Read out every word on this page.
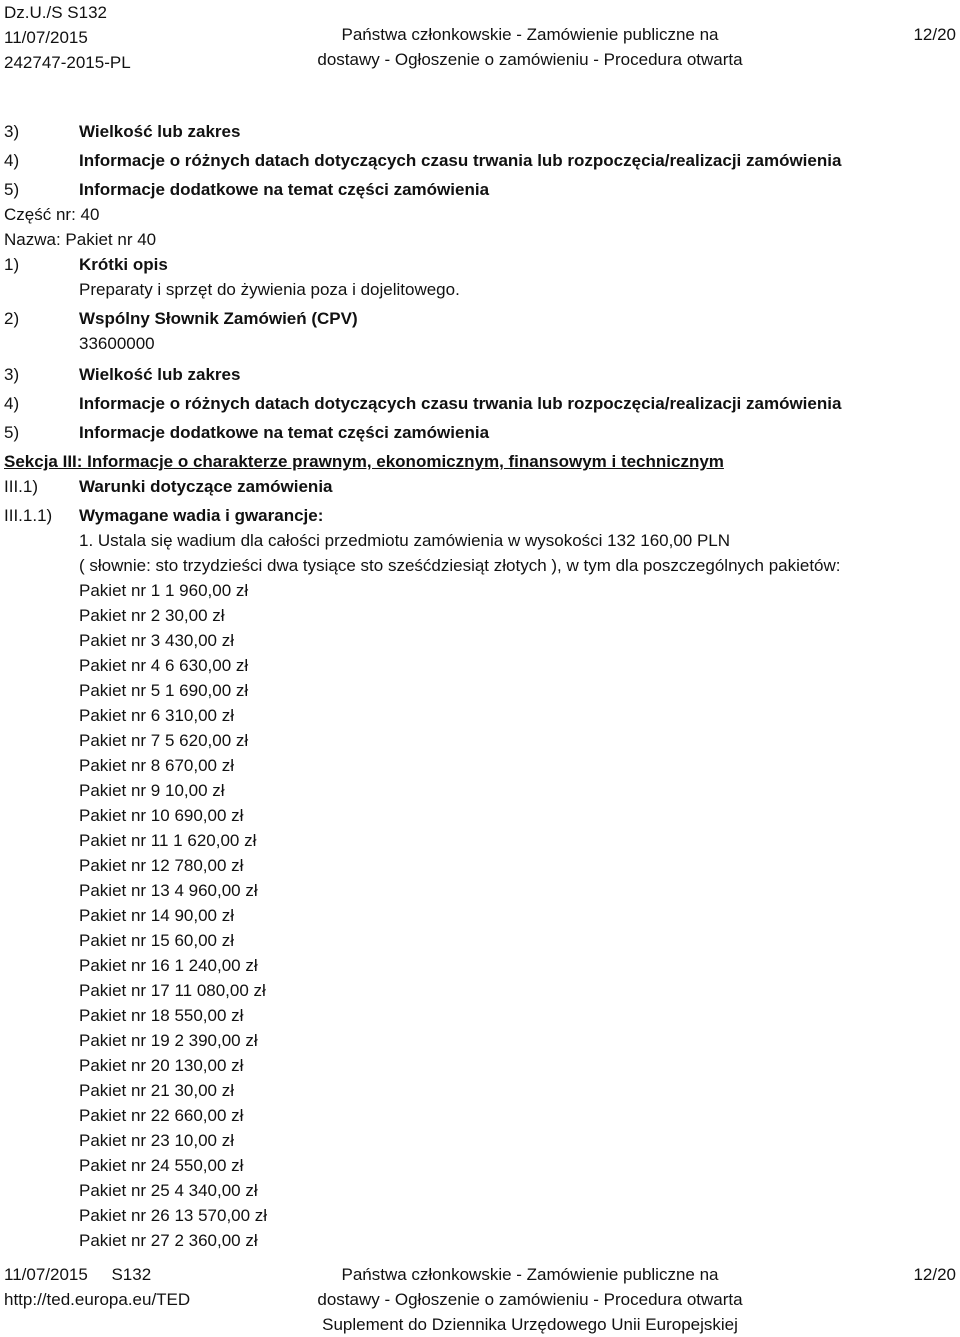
Dz.U./S S132
11/07/2015
242747-2015-PL
Państwa członkowskie - Zamówienie publiczne na
dostawy - Ogłoszenie o zamówieniu - Procedura otwarta
12/20
3)	Wielkość lub zakres
4)	Informacje o różnych datach dotyczących czasu trwania lub rozpoczęcia/realizacji zamówienia
5)	Informacje dodatkowe na temat części zamówienia
Część nr: 40
Nazwa: Pakiet nr 40
1)	Krótki opis
Preparaty i sprzęt do żywienia poza i dojelitowego.
2)	Wspólny Słownik Zamówień (CPV)
33600000
3)	Wielkość lub zakres
4)	Informacje o różnych datach dotyczących czasu trwania lub rozpoczęcia/realizacji zamówienia
5)	Informacje dodatkowe na temat części zamówienia
Sekcja III: Informacje o charakterze prawnym, ekonomicznym, finansowym i technicznym
III.1) Warunki dotyczące zamówienia
III.1.1) Wymagane wadia i gwarancje:
1. Ustala się wadium dla całości przedmiotu zamówienia w wysokości 132 160,00 PLN
( słownie: sto trzydzieści dwa tysiące sto sześćdziesiąt złotych ), w tym dla poszczególnych pakietów:
Pakiet nr 1 1 960,00 zł
Pakiet nr 2 30,00 zł
Pakiet nr 3 430,00 zł
Pakiet nr 4 6 630,00 zł
Pakiet nr 5 1 690,00 zł
Pakiet nr 6 310,00 zł
Pakiet nr 7 5 620,00 zł
Pakiet nr 8 670,00 zł
Pakiet nr 9 10,00 zł
Pakiet nr 10 690,00 zł
Pakiet nr 11 1 620,00 zł
Pakiet nr 12 780,00 zł
Pakiet nr 13 4 960,00 zł
Pakiet nr 14 90,00 zł
Pakiet nr 15 60,00 zł
Pakiet nr 16 1 240,00 zł
Pakiet nr 17 11 080,00 zł
Pakiet nr 18 550,00 zł
Pakiet nr 19 2 390,00 zł
Pakiet nr 20 130,00 zł
Pakiet nr 21 30,00 zł
Pakiet nr 22 660,00 zł
Pakiet nr 23 10,00 zł
Pakiet nr 24 550,00 zł
Pakiet nr 25 4 340,00 zł
Pakiet nr 26 13 570,00 zł
Pakiet nr 27 2 360,00 zł
11/07/2015 S132
http://ted.europa.eu/TED
Państwa członkowskie - Zamówienie publiczne na
dostawy - Ogłoszenie o zamówieniu - Procedura otwarta
Suplement do Dziennika Urzędowego Unii Europejskiej
12/20
